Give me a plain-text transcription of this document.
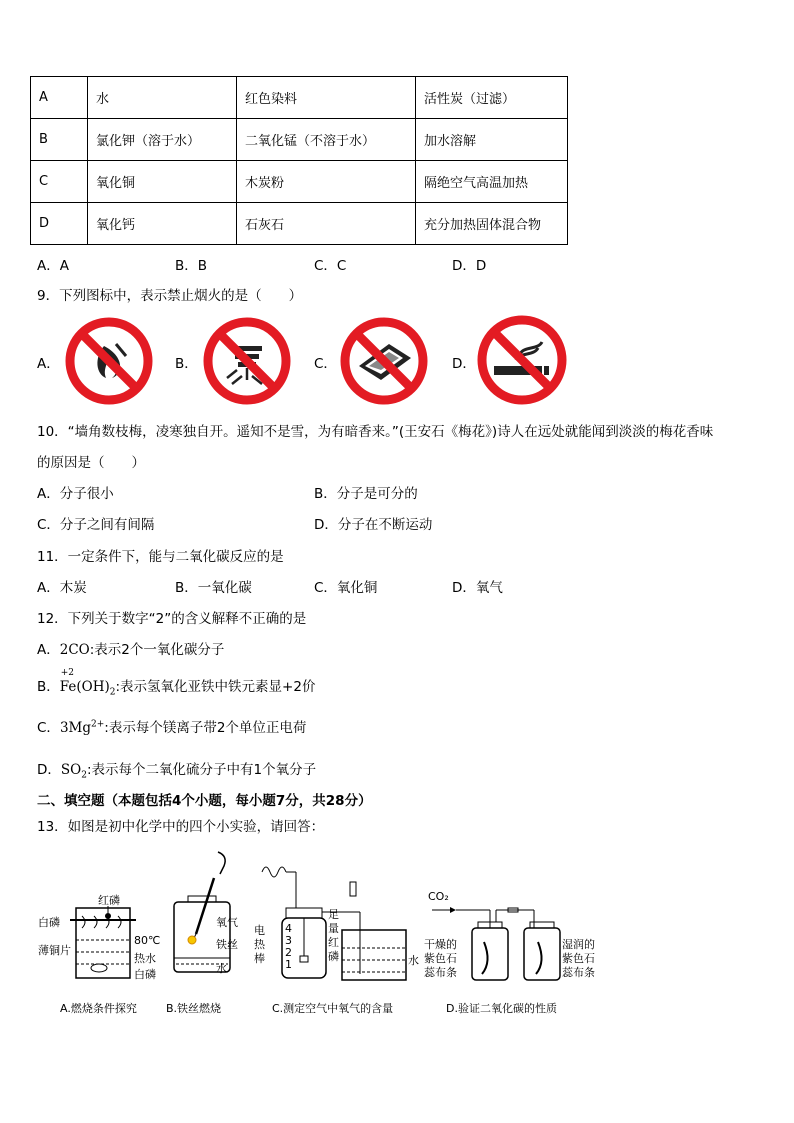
A	水	红色染料	活性炭（过滤）
B	氯化钾（溶于水）	二氧化锰（不溶于水）	加水溶解
C	氧化铜	木炭粉	隔绝空气高温加热
D	氧化钙	石灰石	充分加热固体混合物
A．A	B．B	C．C	D．D
9．下列图标中，表示禁止烟火的是（　　）
A．	B．	C．	D．
10．“墙角数枝梅，凌寒独自开。遥知不是雪，为有暗香来。”(王安石《梅花》)诗人在远处就能闻到淡淡的梅花香味
的原因是（　　）
A．分子很小	B．分子是可分的
C．分子之间有间隔	D．分子在不断运动
11．一定条件下，能与二氧化碳反应的是
A．木炭	B．一氧化碳	C．氧化铜	D．氧气
12．下列关于数字“2”的含义解释不正确的是
A．2CO:表示2个一氧化碳分子
B．
+2
$Fe(OH)_2$:表示氢氧化亚铁中铁元素显+2价
C．$3Mg^{2+}$:表示每个镁离子带2个单位正电荷
D．$SO_2$:表示每个二氧化硫分子中有1个氧分子
二、填空题（本题包括4个小题，每小题7分，共28分）
13．如图是初中化学中的四个小实验，请回答：
红磷
白磷
薄铜片
80℃
热水
白磷
A.燃烧条件探究
氧气
铁丝
水
B.铁丝燃烧
电
热
棒
足
量
红
磷	水
4
3
2
1
C.测定空气中氧气的含量
CO₂
干燥的
紫色石
蕊布条
湿润的
紫色石
蕊布条
D.验证二氧化碳的性质
